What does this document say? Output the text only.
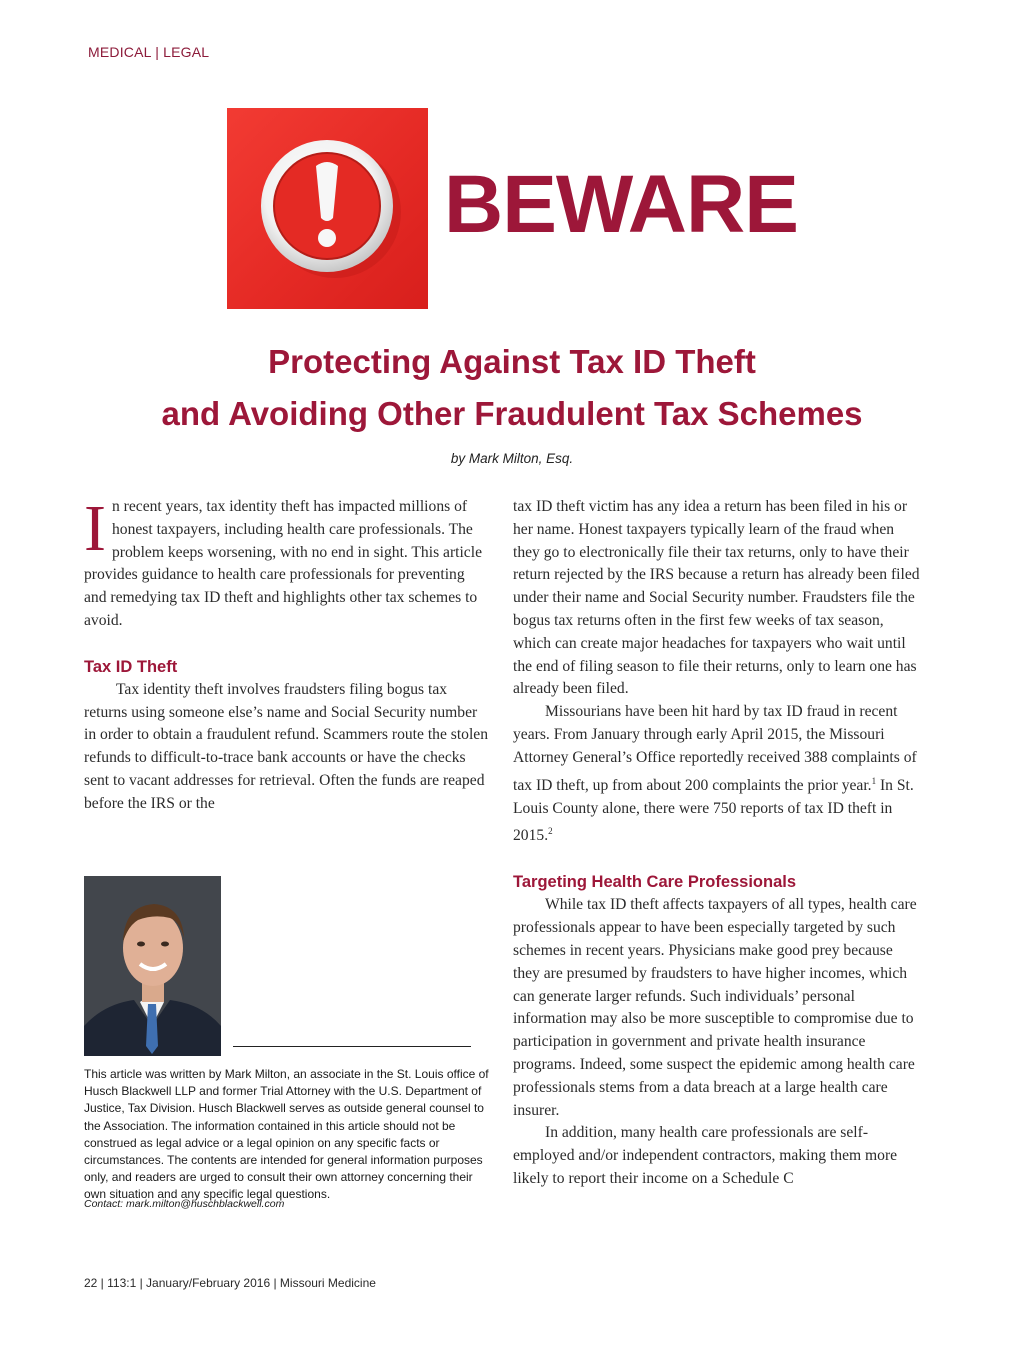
MEDICAL | LEGAL
BEWARE
Protecting Against Tax ID Theft
and Avoiding Other Fraudulent Tax Schemes
by Mark Milton, Esq.

In recent years, tax identity theft has impacted millions of honest taxpayers, including health care professionals. The problem keeps worsening, with no end in sight. This article provides guidance to health care professionals for preventing and remedying tax ID theft and highlights other tax schemes to avoid.

Tax ID Theft

Tax identity theft involves fraudsters filing bogus tax returns using someone else’s name and Social Security number in order to obtain a fraudulent refund. Scammers route the stolen refunds to difficult-to-trace bank accounts or have the checks sent to vacant addresses for retrieval. Often the funds are reaped before the IRS or the

This article was written by Mark Milton, an associate in the St. Louis office of Husch Blackwell LLP and former Trial Attorney with the U.S. Department of Justice, Tax Division. Husch Blackwell serves as outside general counsel to the Association. The information contained in this article should not be construed as legal advice or a legal opinion on any specific facts or circumstances. The contents are intended for general information purposes only, and readers are urged to consult their own attorney concerning their own situation and any specific legal questions.
Contact: mark.milton@huschblackwell.com

tax ID theft victim has any idea a return has been filed in his or her name. Honest taxpayers typically learn of the fraud when they go to electronically file their tax returns, only to have their return rejected by the IRS because a return has already been filed under their name and Social Security number. Fraudsters file the bogus tax returns often in the first few weeks of tax season, which can create major headaches for taxpayers who wait until the end of filing season to file their returns, only to learn one has already been filed.

Missourians have been hit hard by tax ID fraud in recent years. From January through early April 2015, the Missouri Attorney General’s Office reportedly received 388 complaints of tax ID theft, up from about 200 complaints the prior year.$^1$ In St. Louis County alone, there were 750 reports of tax ID theft in 2015.$^2$

Targeting Health Care Professionals

While tax ID theft affects taxpayers of all types, health care professionals appear to have been especially targeted by such schemes in recent years. Physicians make good prey because they are presumed by fraudsters to have higher incomes, which can generate larger refunds. Such individuals’ personal information may also be more susceptible to compromise due to participation in government and private health insurance programs. Indeed, some suspect the epidemic among health care professionals stems from a data breach at a large health care insurer.

In addition, many health care professionals are self-employed and/or independent contractors, making them more likely to report their income on a Schedule C

22 | 113:1 | January/February 2016 | Missouri Medicine
